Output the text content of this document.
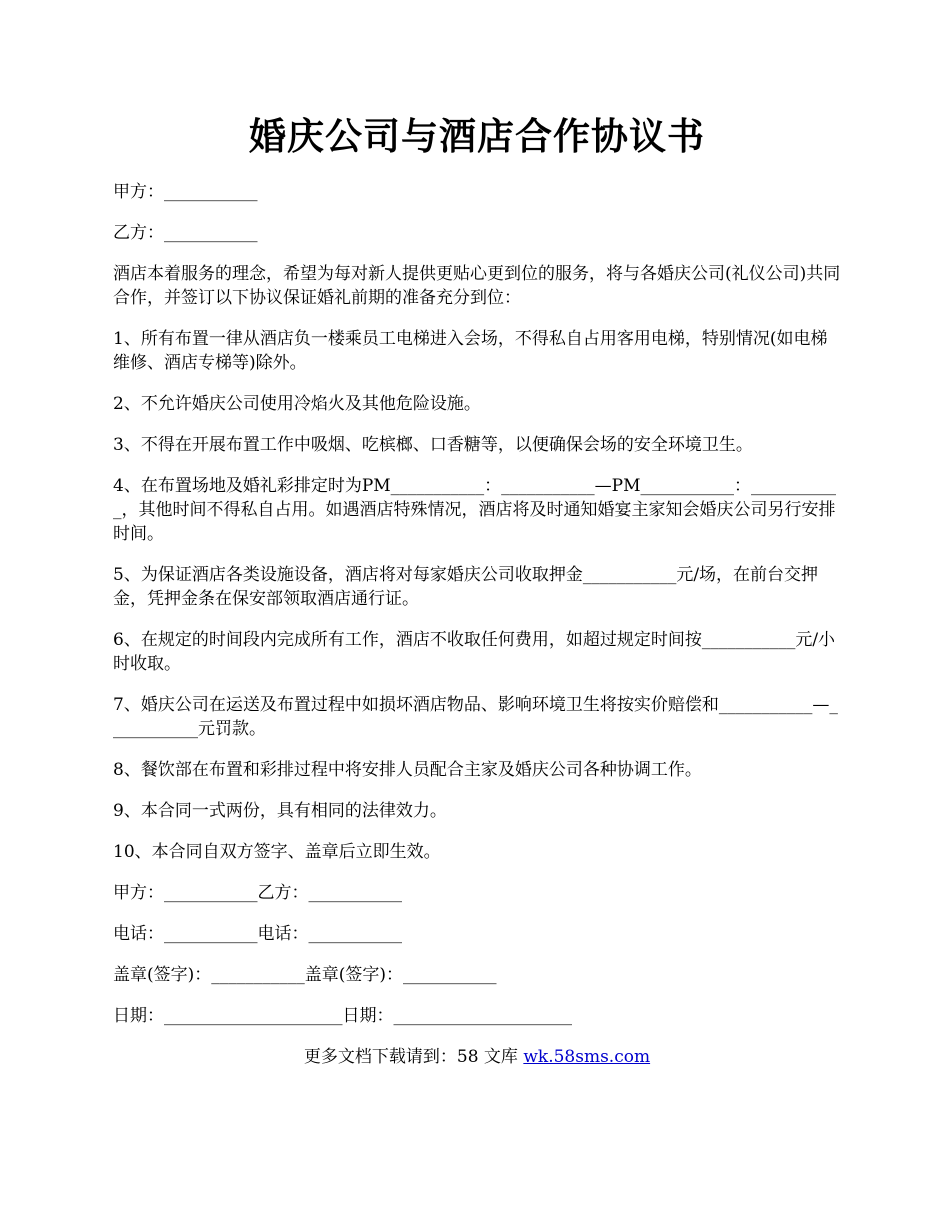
婚庆公司与酒店合作协议书
甲方：___________
乙方：___________
酒店本着服务的理念，希望为每对新人提供更贴心更到位的服务，将与各婚庆公司(礼仪公司)共同合作，并签订以下协议保证婚礼前期的准备充分到位：
1、所有布置一律从酒店负一楼乘员工电梯进入会场，不得私自占用客用电梯，特别情况(如电梯维修、酒店专梯等)除外。
2、不允许婚庆公司使用冷焰火及其他危险设施。
3、不得在开展布置工作中吸烟、吃槟榔、口香糖等，以便确保会场的安全环境卫生。
4、在布置场地及婚礼彩排定时为PM___________：___________—PM___________：___________，其他时间不得私自占用。如遇酒店特殊情况，酒店将及时通知婚宴主家知会婚庆公司另行安排时间。
5、为保证酒店各类设施设备，酒店将对每家婚庆公司收取押金___________元/场，在前台交押金，凭押金条在保安部领取酒店通行证。
6、在规定的时间段内完成所有工作，酒店不收取任何费用，如超过规定时间按___________元/小时收取。
7、婚庆公司在运送及布置过程中如损坏酒店物品、影响环境卫生将按实价赔偿和___________—___________元罚款。
8、餐饮部在布置和彩排过程中将安排人员配合主家及婚庆公司各种协调工作。
9、本合同一式两份，具有相同的法律效力。
10、本合同自双方签字、盖章后立即生效。
甲方：___________乙方：___________
电话：___________电话：___________
盖章(签字)：___________盖章(签字)：___________
日期：_____________________日期：_____________________
更多文档下载请到：58 文库 wk.58sms.com
